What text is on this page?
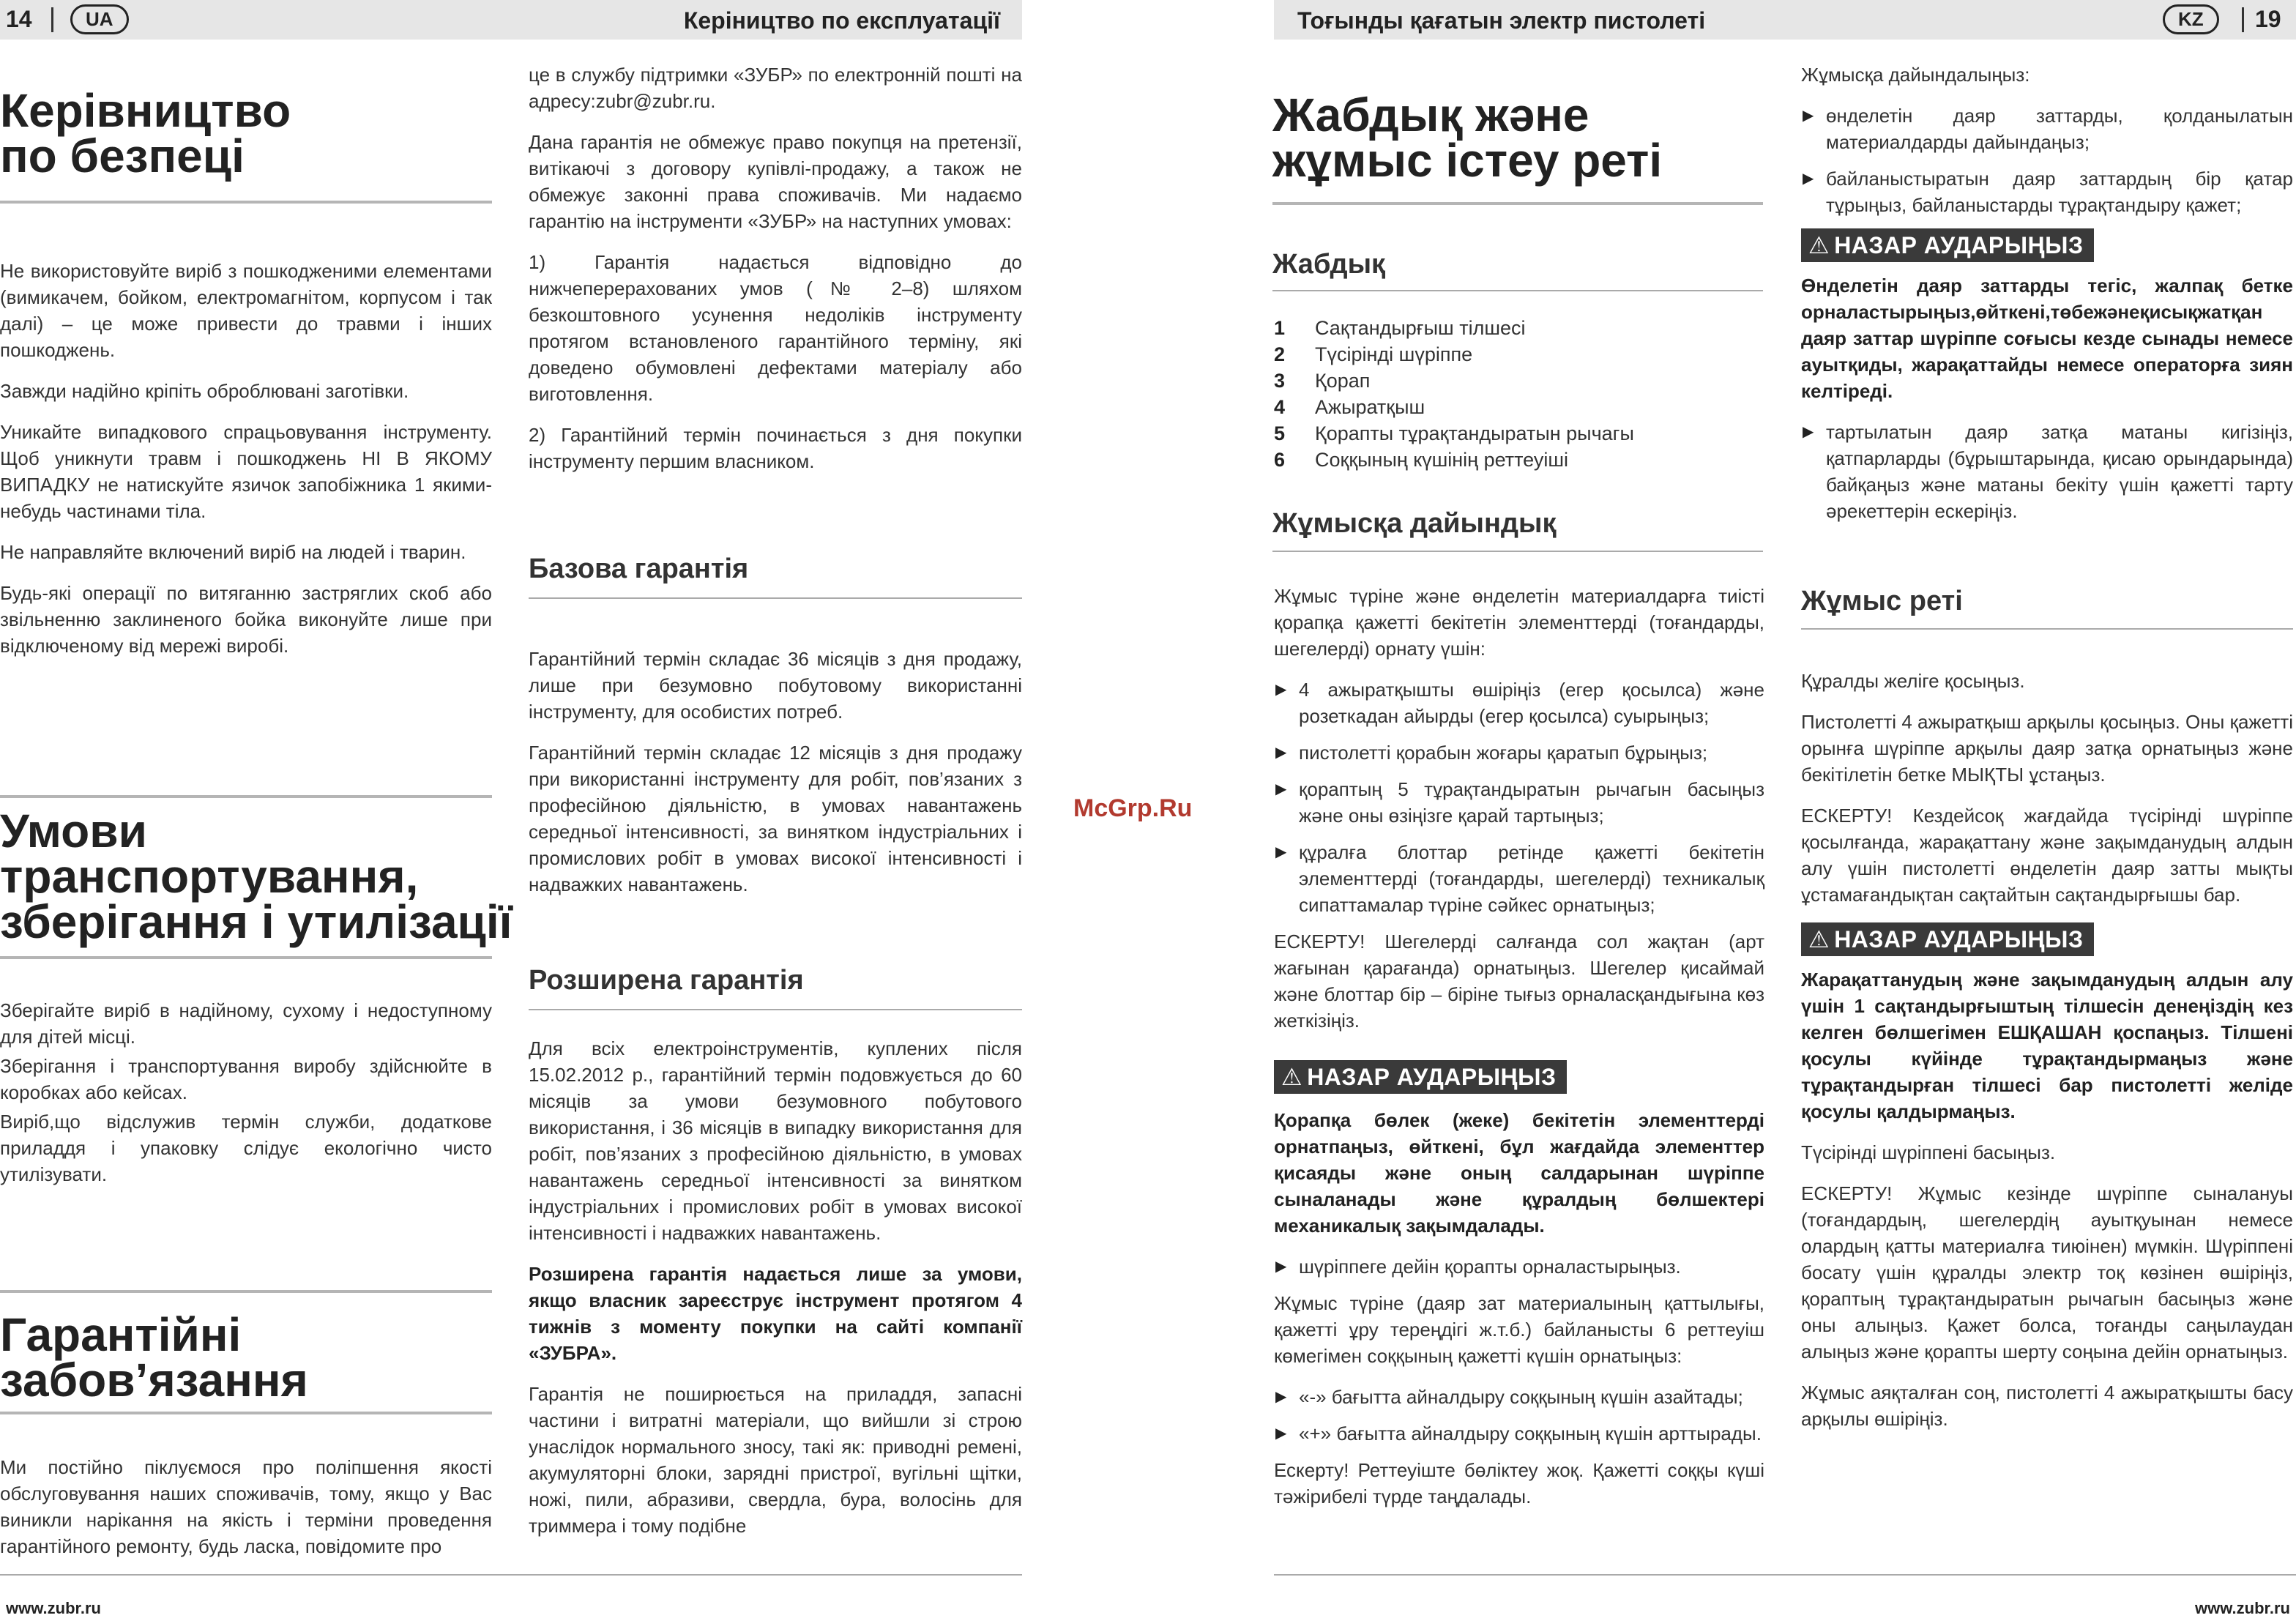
14	UA	Керіництво по експлуатації
Керівництво
по безпеці

Не використовуйте виріб з пошкодженими елементами (вимикачем, бойком, електромагнітом, корпусом і так далі) – це може привести до травми і інших пошкоджень.

Завжди надійно кріпіть оброблювані заготівки.

Уникайте випадкового спрацьовування інструменту. Щоб уникнути травм і пошкоджень НІ В ЯКОМУ ВИПАДКУ не натискуйте язичок запобіжника 1 якими-небудь частинами тіла.

Не направляйте включений виріб на людей і тварин.

Будь-які операції по витяганню застряглих скоб або звільненню заклиненого бойка виконуйте лише при відключеному від мережі виробі.

Умови
транспортування,
зберігання і утилізації

Зберігайте виріб в надійному, сухому і недоступному для дітей місці.

Зберігання і транспортування виробу здійснюйте в коробках або кейсах.

Виріб,що відслужив термін служби, додаткове приладдя і упаковку слідує екологічно чисто утилізувати.

Гарантійні
забов’язання

Ми постійно піклуємося про поліпшення якості обслуговування наших споживачів, тому, якщо у Вас виникли нарікання на якість і терміни проведення гарантійного ремонту, будь ласка, повідомите про

це в службу підтримки «ЗУБР» по електронній пошті на адресу:zubr@zubr.ru.

Дана гарантія не обмежує право покупця на претензії, витікаючі з договору купівлі-продажу, а також не обмежує законні права споживачів. Ми надаємо гарантію на інструменти «ЗУБР» на наступних умовах:

1) Гарантія надається відповідно до нижчеперерахованих умов (№ 2–8) шляхом безкоштовного усунення недоліків інструменту протягом встановленого гарантійного терміну, які доведено обумовлені дефектами матеріалу або виготовлення.

2) Гарантійний термін починається з дня покупки інструменту першим власником.

Базова гарантія

Гарантійний термін складає 36 місяців з дня продажу, лише при безумовно побутовому використанні інструменту, для особистих потреб.

Гарантійний термін складає 12 місяців з дня продажу при використанні інструменту для робіт, пов’язаних з професійною діяльністю, в умовах навантажень середньої інтенсивності, за винятком індустріальних і промислових робіт в умовах високої інтенсивності і надважких навантажень.

Розширена гарантія

Для всіх електроінструментів, куплених після 15.02.2012 р., гарантійний термін подовжується до 60 місяців за умови безумовного побутового використання, і 36 місяців в випадку використання для робіт, пов’язаних з професійною діяльністю, в умовах навантажень середньої інтенсивності за винятком індустріальних і промислових робіт в умовах високої інтенсивності і надважких навантажень.

Розширена гарантія надається лише за умови, якщо власник зареєструє інструмент протягом 4 тижнів з моменту покупки на сайті компанії «ЗУБРА».

Гарантія не поширюється на приладдя, запасні частини і витратні матеріали, що вийшли зі строю унаслідок нормального зносу, такі як: приводні ремені, акумуляторні блоки, зарядні пристрої, вугільні щітки, ножі, пили, абразиви, свердла, бура, волосінь для триммера і тому подібне

www.zubr.ru
McGrp.Ru
Тоғынды қағатын электр пистолеті	KZ	19
Жабдық және
жұмыс істеу реті
Жабдық
1 Сақтандырғыш тілшесі
2 Түсірінді шүріппе
3 Қорап
4 Ажыратқыш
5 Қорапты тұрақтандыратын рычагы
6 Соққының күшінің реттеуіші
Жұмысқа дайындық

Жұмыс түріне және өнделетін материалдарға тиісті қорапқа қажетті бекітетін элементтерді (тоғандарды, шегелерді) орнату үшін:

▶ 4 ажыратқышты өшіріңіз (егер қосылса) және розеткадан айырды (егер қосылса) суырыңыз;
▶ пистолетті қорабын жоғары қаратып бұрыңыз;
▶ қораптың 5 тұрақтандыратын рычагын басыңыз және оны өзіңізге қарай тартыңыз;
▶ құралға блоттар ретінде қажетті бекітетін элементтерді (тоғандарды, шегелерді) техникалық сипаттамалар түріне сәйкес орнатыңыз;

ЕСКЕРТУ! Шегелерді салғанда сол жақтан (арт жағынан қарағанда) орнатыңыз. Шегелер қисаймай және блоттар бір – біріне тығыз орналасқандығына көз жеткізіңіз.

⚠ НАЗАР АУДАРЫҢЫЗ

Қорапқа бөлек (жеке) бекітетін элементтерді орнатпаңыз, өйткені, бұл жағдайда элементтер қисаяды және оның салдарынан шүріппе сыналанады және құралдың бөлшектері механикалық зақымдалады.

▶ шүріппеге дейін қорапты орналастырыңыз.

Жұмыс түріне (даяр зат материалының қаттылығы, қажетті ұру тереңдігі ж.т.б.) байланысты 6 реттеуіш көмегімен соққының қажетті күшін орнатыңыз:

▶ «-» бағытта айналдыру соққының күшін азайтады;
▶ «+» бағытта айналдыру соққының күшін арттырады.

Ескерту! Реттеуіште бөліктеу жоқ. Қажетті соққы күші тәжірибелі түрде таңдалады.

Жұмысқа дайындалыңыз:

▶ өнделетін даяр заттарды, қолданылатын материалдарды дайындаңыз;
▶ байланыстыратын даяр заттардың бір қатар тұрыңыз, байланыстарды тұрақтандыру қажет;
⚠ НАЗАР АУДАРЫҢЫЗ

Өнделетін даяр заттарды тегіс, жалпақ бетке орналастырыңыз,өйткені,төбежәнеқисықжатқан даяр заттар шүріппе соғысы кезде сынады немесе ауытқиды, жарақаттайды немесе операторға зиян келтіреді.

▶ тартылатын даяр затқа матаны кигізіңіз, қатпарларды (бұрыштарында, қисаю орындарында) байқаңыз және матаны бекіту үшін қажетті тарту әрекеттерін ескеріңіз.
Жұмыс реті

Құралды желіге қосыңыз.

Пистолетті 4 ажыратқыш арқылы қосыңыз. Оны қажетті орынға шүріппе арқылы даяр затқа орнатыңыз және бекітілетін бетке МЫҚТЫ ұстаңыз.

ЕСКЕРТУ! Кездейсоқ жағдайда түсірінді шүріппе қосылғанда, жарақаттану және зақымданудың алдын алу үшін пистолетті өнделетін даяр затты мықты ұстамағандықтан сақтайтын сақтандырғышы бар.

⚠ НАЗАР АУДАРЫҢЫЗ

Жарақаттанудың және зақымданудың алдын алу үшін 1 сақтандырғыштың тілшесін денеңіздің кез келген бөлшегімен ЕШҚАШАН қоспаңыз. Тілшені қосулы күйінде тұрақтандырмаңыз және тұрақтандырған тілшесі бар пистолетті желіде қосулы қалдырмаңыз.

Түсірінді шүріппені басыңыз.

ЕСКЕРТУ! Жұмыс кезінде шүріппе сыналануы (тоғандардың, шегелердің ауытқуынан немесе олардың қатты материалға тиюінен) мүмкін. Шүріппені босату үшін құралды электр тоқ көзінен өшіріңіз, қорaптың тұрақтандыратын рычагын басыңыз және оны алыңыз. Қажет болса, тоғанды саңылаудан алыңыз және қорапты шерту соңына дейін орнатыңыз.

Жұмыс аяқталған соң, пистолетті 4 ажыратқышты басу арқылы өшіріңіз.

www.zubr.ru
